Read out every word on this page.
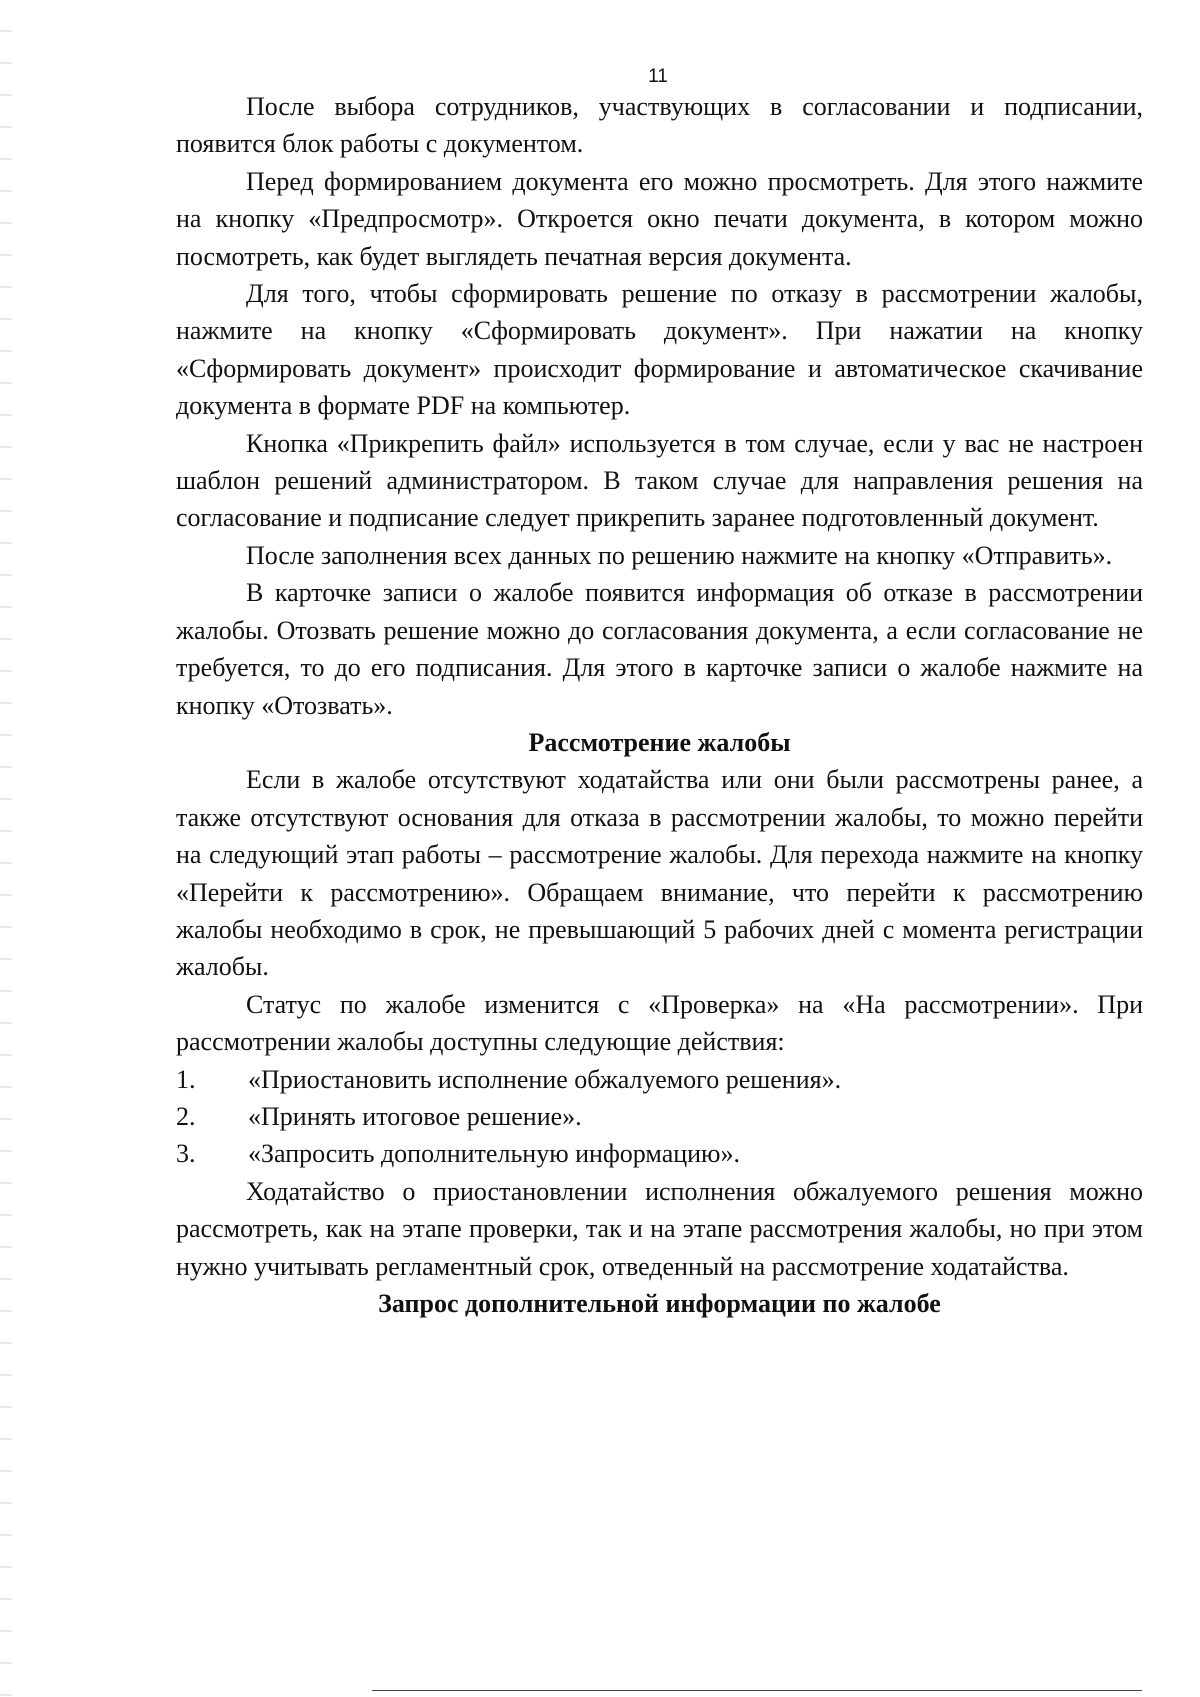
11

После выбора сотрудников, участвующих в согласовании и подписании, появится блок работы с документом.

Перед формированием документа его можно просмотреть. Для этого нажмите на кнопку «Предпросмотр». Откроется окно печати документа, в котором можно посмотреть, как будет выглядеть печатная версия документа.

Для того, чтобы сформировать решение по отказу в рассмотрении жалобы, нажмите на кнопку «Сформировать документ». При нажатии на кнопку «Сформировать документ» происходит формирование и автоматическое скачивание документа в формате PDF на компьютер.

Кнопка «Прикрепить файл» используется в том случае, если у вас не настроен шаблон решений администратором. В таком случае для направления решения на согласование и подписание следует прикрепить заранее подготовленный документ.

После заполнения всех данных по решению нажмите на кнопку «Отправить».

В карточке записи о жалобе появится информация об отказе в рассмотрении жалобы. Отозвать решение можно до согласования документа, а если согласование не требуется, то до его подписания. Для этого в карточке записи о жалобе нажмите на кнопку «Отозвать».

Рассмотрение жалобы

Если в жалобе отсутствуют ходатайства или они были рассмотрены ранее, а также отсутствуют основания для отказа в рассмотрении жалобы, то можно перейти на следующий этап работы – рассмотрение жалобы. Для перехода нажмите на кнопку «Перейти к рассмотрению». Обращаем внимание, что перейти к рассмотрению жалобы необходимо в срок, не превышающий 5 рабочих дней с момента регистрации жалобы.

Статус по жалобе изменится с «Проверка» на «На рассмотрении». При рассмотрении жалобы доступны следующие действия:

1. «Приостановить исполнение обжалуемого решения».
2. «Принять итоговое решение».
3. «Запросить дополнительную информацию».

Ходатайство о приостановлении исполнения обжалуемого решения можно рассмотреть, как на этапе проверки, так и на этапе рассмотрения жалобы, но при этом нужно учитывать регламентный срок, отведенный на рассмотрение ходатайства.

Запрос дополнительной информации по жалобе
